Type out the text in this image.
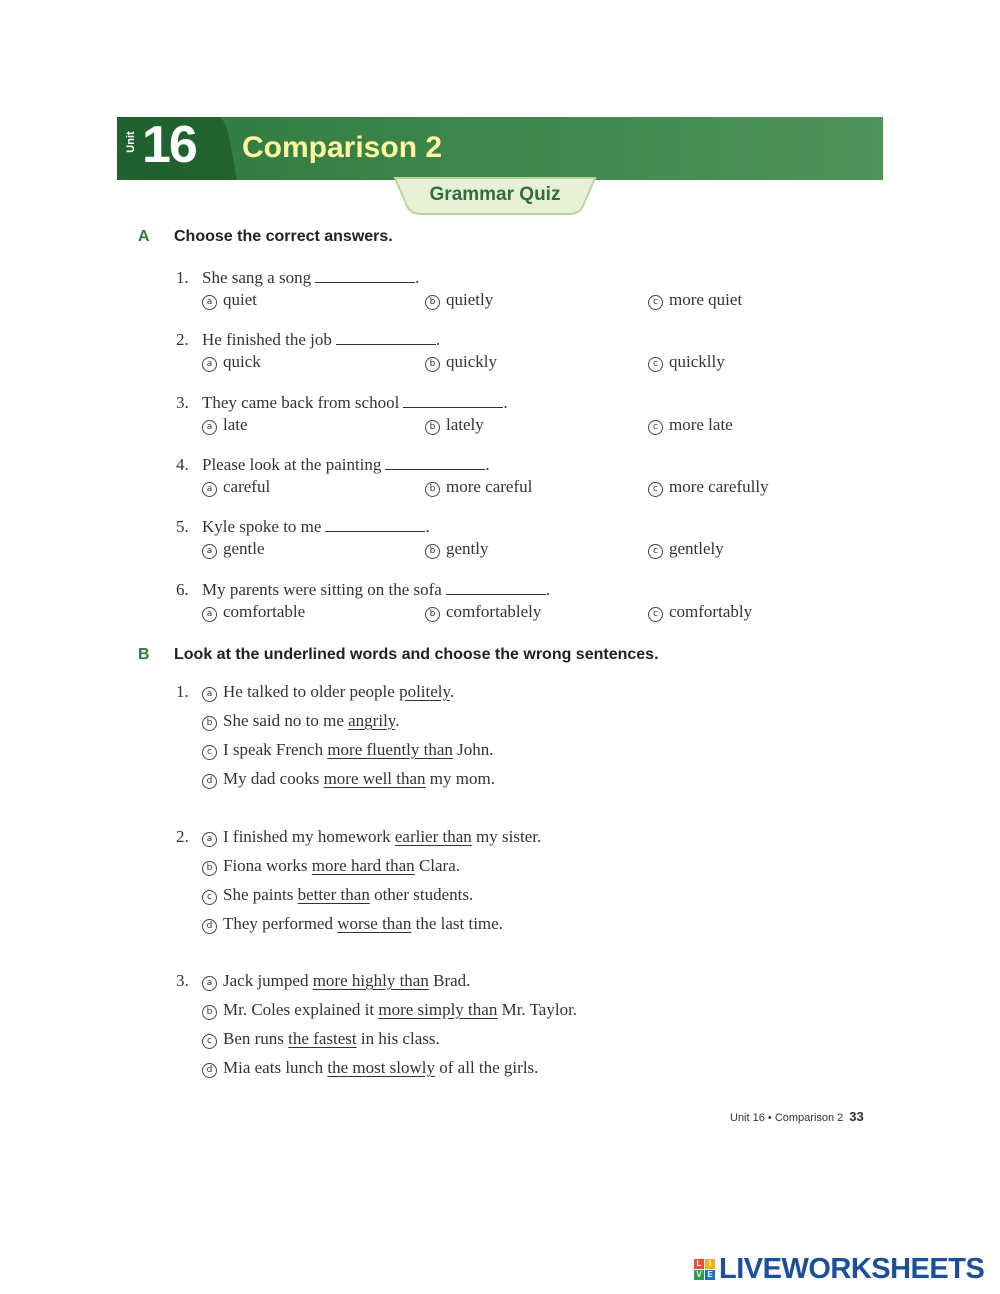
Unit 16 Comparison 2
Grammar Quiz
A Choose the correct answers.
1. She sang a song	.
a quiet	b quietly	c more quiet
2. He finished the job	.
a quick	b quickly	c quicklly
3. They came back from school	.
a late	b lately	c more late
4. Please look at the painting	.
a careful	b more careful	c more carefully
5. Kyle spoke to me	.
a gentle	b gently	c gentlely
6. My parents were sitting on the sofa	.
a comfortable	b comfortablely	c comfortably
B Look at the underlined words and choose the wrong sentences.
1.	a He talked to older people politely.
b She said no to me angrily.
c I speak French more fluently than John.
d My dad cooks more well than my mom.
2.	a I finished my homework earlier than my sister.
b Fiona works more hard than Clara.
c She paints better than other students.
d They performed worse than the last time.
3.	a Jack jumped more highly than Brad.
b Mr. Coles explained it more simply than Mr. Taylor.
c Ben runs the fastest in his class.
d Mia eats lunch the most slowly of all the girls.
Unit 16 • Comparison 2 33
L I
V E LIVEWORKSHEETS
